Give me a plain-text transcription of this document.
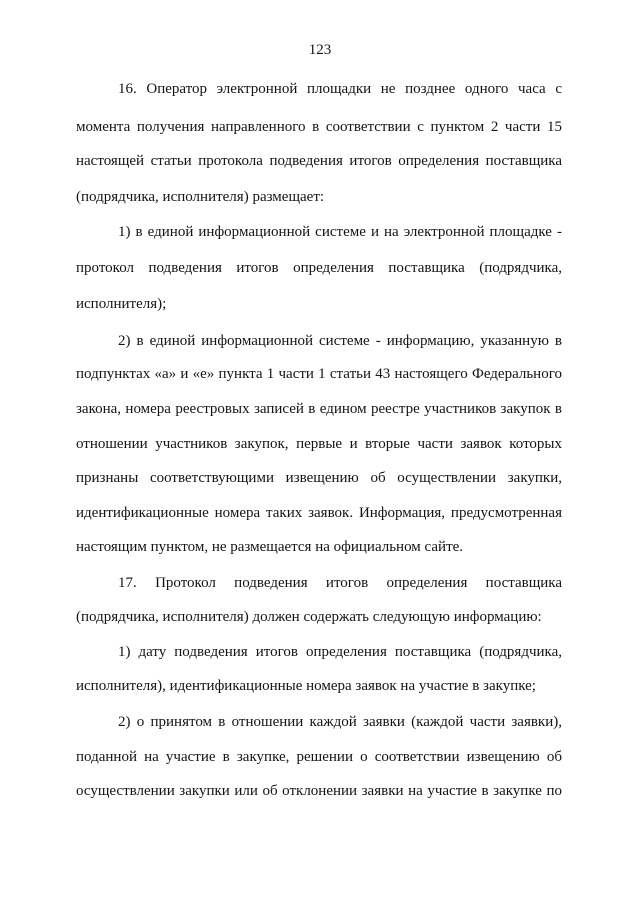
123
16. Оператор электронной площадки не позднее одного часа с
момента получения направленного в соответствии с пунктом 2 части 15
настоящей статьи протокола подведения итогов определения поставщика
(подрядчика, исполнителя) размещает:
1) в единой информационной системе и на электронной площадке -
протокол подведения итогов определения поставщика (подрядчика,
исполнителя);
2) в единой информационной системе - информацию, указанную в
подпунктах «а» и «е» пункта 1 части 1 статьи 43 настоящего Федерального
закона, номера реестровых записей в едином реестре участников закупок в
отношении участников закупок, первые и вторые части заявок которых
признаны соответствующими извещению об осуществлении закупки,
идентификационные номера таких заявок. Информация, предусмотренная
настоящим пунктом, не размещается на официальном сайте.
17. Протокол подведения итогов определения поставщика
(подрядчика, исполнителя) должен содержать следующую информацию:
1) дату подведения итогов определения поставщика (подрядчика,
исполнителя), идентификационные номера заявок на участие в закупке;
2) о принятом в отношении каждой заявки (каждой части заявки),
поданной на участие в закупке, решении о соответствии извещению об
осуществлении закупки или об отклонении заявки на участие в закупке по
